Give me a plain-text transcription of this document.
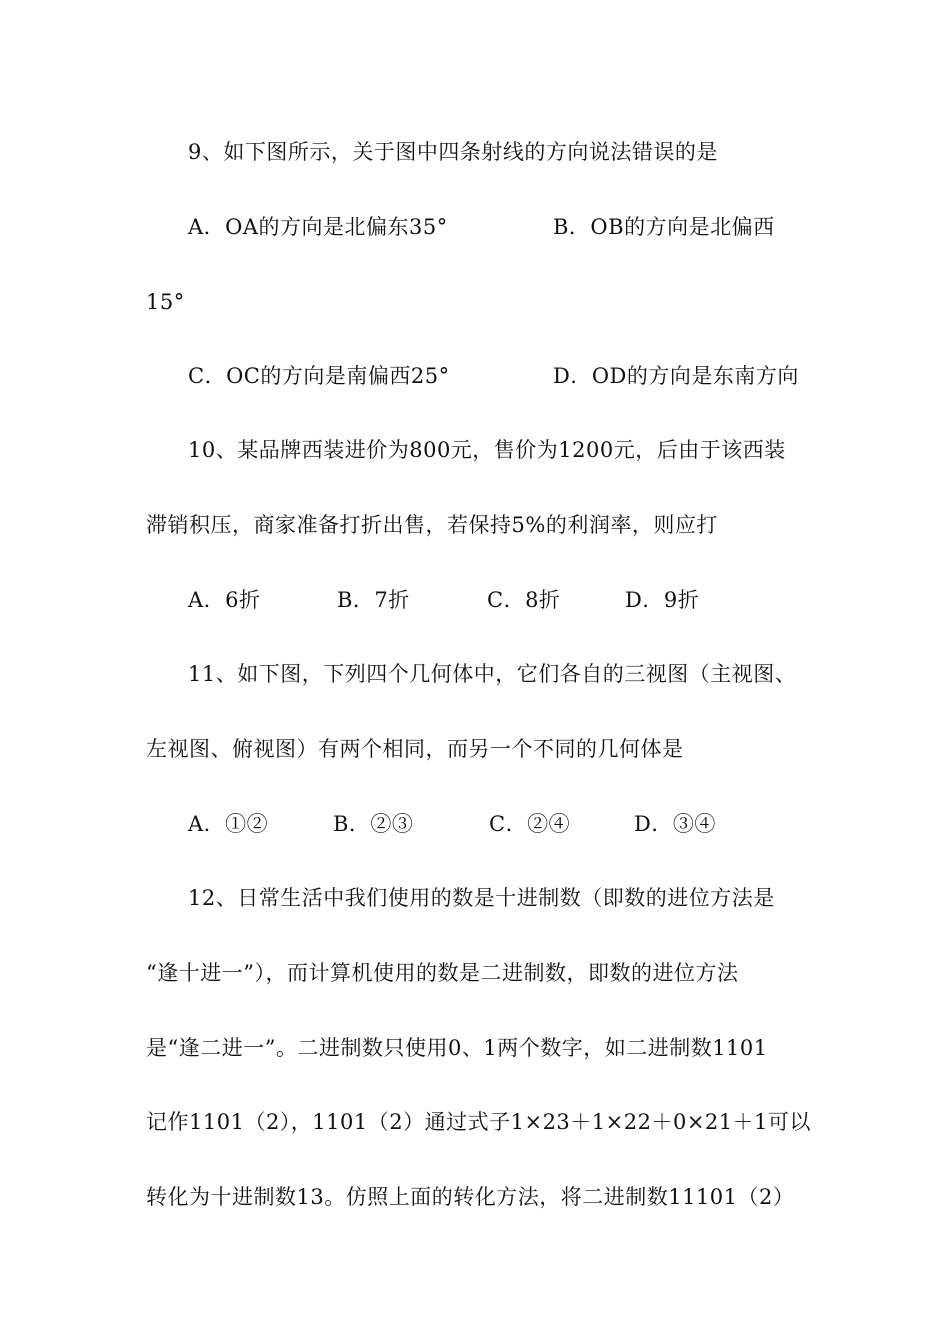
9、如下图所示，关于图中四条射线的方向说法错误的是
A．OA的方向是北偏东35°	B．OB的方向是北偏西
15°
C．OC的方向是南偏西25°	D．OD的方向是东南方向
10、某品牌西装进价为800元，售价为1200元，后由于该西装
滞销积压，商家准备打折出售，若保持5%的利润率，则应打
A．6折	B．7折	C．8折	D．9折
11、如下图，下列四个几何体中，它们各自的三视图（主视图、
左视图、俯视图）有两个相同，而另一个不同的几何体是
A．①②	B．②③	C．②④	D．③④
12、日常生活中我们使用的数是十进制数（即数的进位方法是
“逢十进一”），而计算机使用的数是二进制数，即数的进位方法
是“逢二进一”。二进制数只使用0、1两个数字，如二进制数1101
记作1101（2），1101（2）通过式子1×23＋1×22＋0×21＋1可以
转化为十进制数13。仿照上面的转化方法，将二进制数11101（2）
